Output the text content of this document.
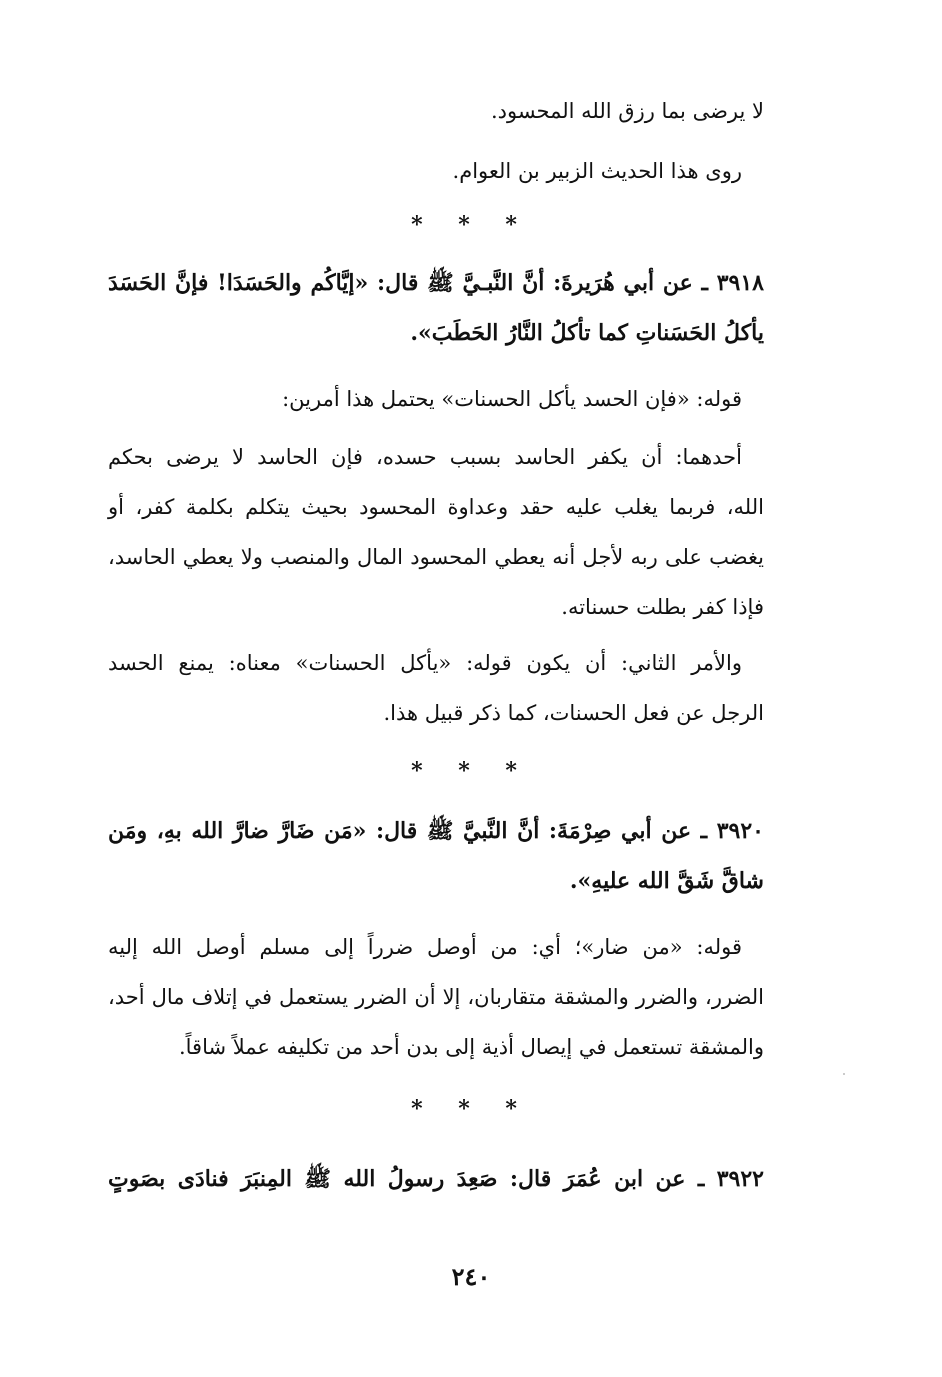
لا يرضى بما رزق الله المحسود.
روى هذا الحديث الزبير بن العوام.
* * *
٣٩١٨ ـ عن أبي هُرَيرةَ: أنَّ النَّبـيَّ ﷺ قال: «إيَّاكُم والحَسَدَا! فإنَّ الحَسَدَ
يأكلُ الحَسَناتِ كما تأكلُ النَّارُ الحَطَبَ».
قوله: «فإن الحسد يأكل الحسنات» يحتمل هذا أمرين:
أحدهما: أن يكفر الحاسد بسبب حسده، فإن الحاسد لا يرضى بحكم
الله، فربما يغلب عليه حقد وعداوة المحسود بحيث يتكلم بكلمة كفر، أو
يغضب على ربه لأجل أنه يعطي المحسود المال والمنصب ولا يعطي الحاسد،
فإذا كفر بطلت حسناته.
والأمر الثاني: أن يكون قوله: «يأكل الحسنات» معناه: يمنع الحسد
الرجل عن فعل الحسنات، كما ذكر قبيل هذا.
* * *
٣٩٢٠ ـ عن أبي صِرْمَةَ: أنَّ النَّبيَّ ﷺ قال: «مَن ضَارَّ ضارَّ الله بهِ، ومَن
شاقَّ شَقَّ الله عليهِ».
قوله: «من ضار»؛ أي: من أوصل ضرراً إلى مسلم أوصل الله إليه
الضرر، والضرر والمشقة متقاربان، إلا أن الضرر يستعمل في إتلاف مال أحد،
والمشقة تستعمل في إيصال أذية إلى بدن أحد من تكليفه عملاً شاقاً.
* * *
٣٩٢٢ ـ عن ابن عُمَرَ قال: صَعِدَ رسولُ الله ﷺ المِنبَرَ فنادَى بصَوتٍ
٢٤٠
